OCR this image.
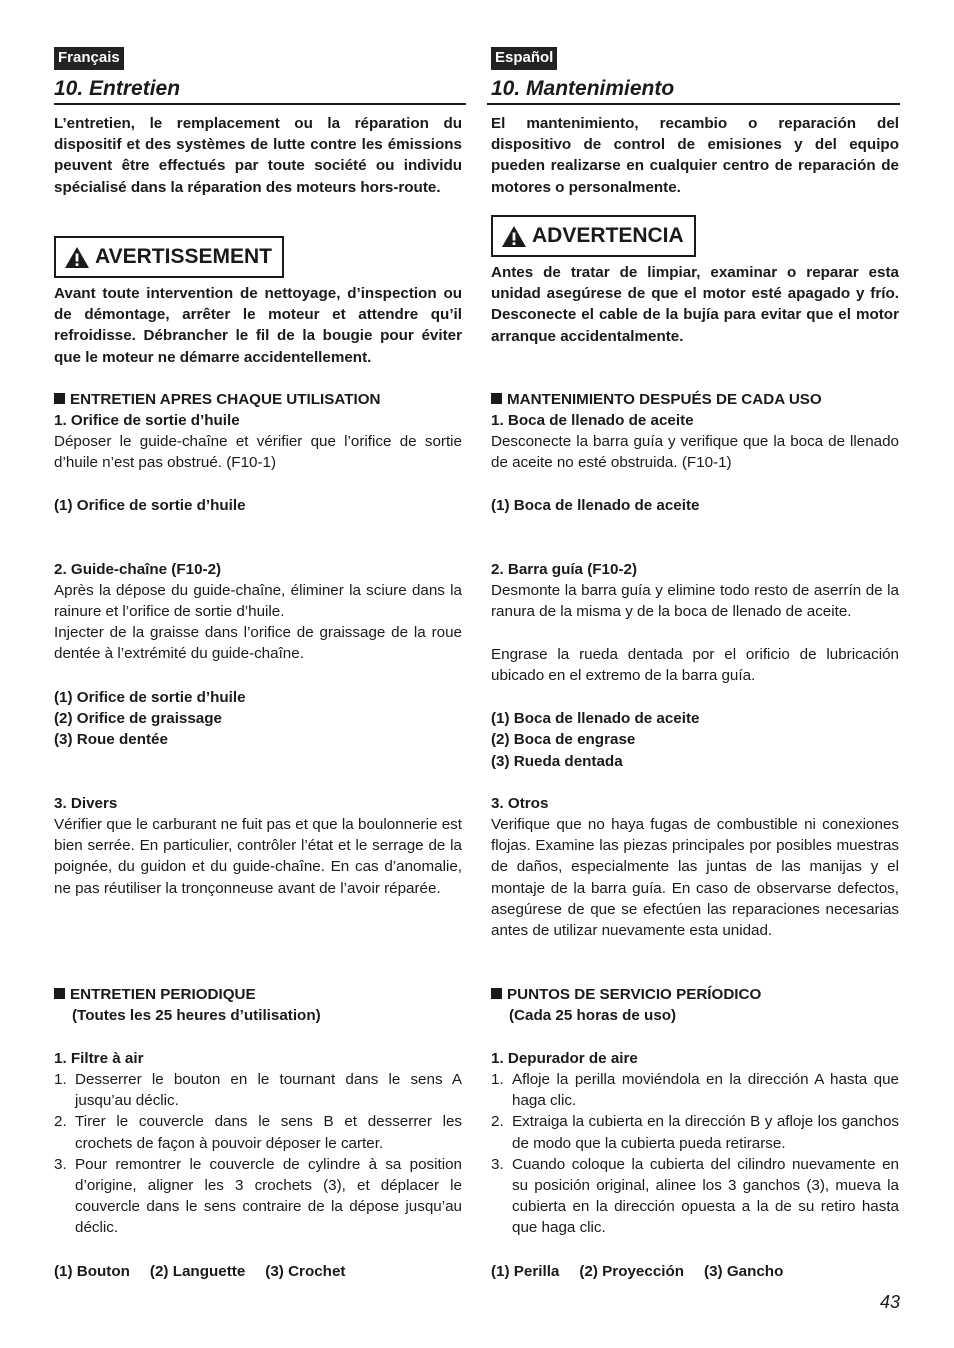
Français
10. Entretien

L’entretien, le remplacement ou la réparation du dispositif et des systèmes de lutte contre les émissions peuvent être effectués par toute société ou individu spécialisé dans la réparation des moteurs hors-route.

AVERTISSEMENT

Avant toute intervention de nettoyage, d’inspection ou de démontage, arrêter le moteur et attendre qu’il refroidisse. Débrancher le fil de la bougie pour éviter que le moteur ne démarre accidentellement.

ENTRETIEN APRES CHAQUE UTILISATION
1. Orifice de sortie d’huile

Déposer le guide-chaîne et vérifier que l’orifice de sortie d’huile n’est pas obstrué. (F10-1)

(1) Orifice de sortie d’huile
2. Guide-chaîne (F10-2)

Après la dépose du guide-chaîne, éliminer la sciure dans la rainure et l’orifice de sortie d’huile.

Injecter de la graisse dans l’orifice de graissage de la roue dentée à l’extrémité du guide-chaîne.

(1) Orifice de sortie d’huile
(2) Orifice de graissage
(3) Roue dentée
3. Divers

Vérifier que le carburant ne fuit pas et que la boulonnerie est bien serrée. En particulier, contrôler l’état et le serrage de la poignée, du guidon et du guide-chaîne. En cas d’anomalie, ne pas réutiliser la tronçonneuse avant de l’avoir réparée.

ENTRETIEN PERIODIQUE
(Toutes les 25 heures d’utilisation)
1. Filtre à air
1. Desserrer le bouton en le tournant dans le sens A jusqu’au déclic.
2. Tirer le couvercle dans le sens B et desserrer les crochets de façon à pouvoir déposer le carter.
3. Pour remontrer le couvercle de cylindre à sa position d’origine, aligner les 3 crochets (3), et déplacer le couvercle dans le sens contraire de la dépose jusqu’au déclic.
(1) Bouton (2) Languette (3) Crochet
Español
10. Mantenimiento

El mantenimiento, recambio o reparación del dispositivo de control de emisiones y del equipo pueden realizarse en cualquier centro de reparación de motores o personalmente.

ADVERTENCIA

Antes de tratar de limpiar, examinar o reparar esta unidad asegúrese de que el motor esté apagado y frío. Desconecte el cable de la bujía para evitar que el motor arranque accidentalmente.

MANTENIMIENTO DESPUÉS DE CADA USO
1. Boca de llenado de aceite

Desconecte la barra guía y verifique que la boca de llenado de aceite no esté obstruida. (F10-1)

(1) Boca de llenado de aceite
2. Barra guía (F10-2)

Desmonte la barra guía y elimine todo resto de aserrín de la ranura de la misma y de la boca de llenado de aceite.

Engrase la rueda dentada por el orificio de lubricación ubicado en el extremo de la barra guía.

(1) Boca de llenado de aceite
(2) Boca de engrase
(3) Rueda dentada
3. Otros

Verifique que no haya fugas de combustible ni conexiones flojas. Examine las piezas principales por posibles muestras de daños, especialmente las juntas de las manijas y el montaje de la barra guía. En caso de observarse defectos, asegúrese de que se efectúen las reparaciones necesarias antes de utilizar nuevamente esta unidad.

PUNTOS DE SERVICIO PERÍODICO
(Cada 25 horas de uso)
1. Depurador de aire
1. Afloje la perilla moviéndola en la dirección A hasta que haga clic.
2. Extraiga la cubierta en la dirección B y afloje los ganchos de modo que la cubierta pueda retirarse.
3. Cuando coloque la cubierta del cilindro nuevamente en su posición original, alinee los 3 ganchos (3), mueva la cubierta en la dirección opuesta a la de su retiro hasta que haga clic.
(1) Perilla (2) Proyección (3) Gancho
43
